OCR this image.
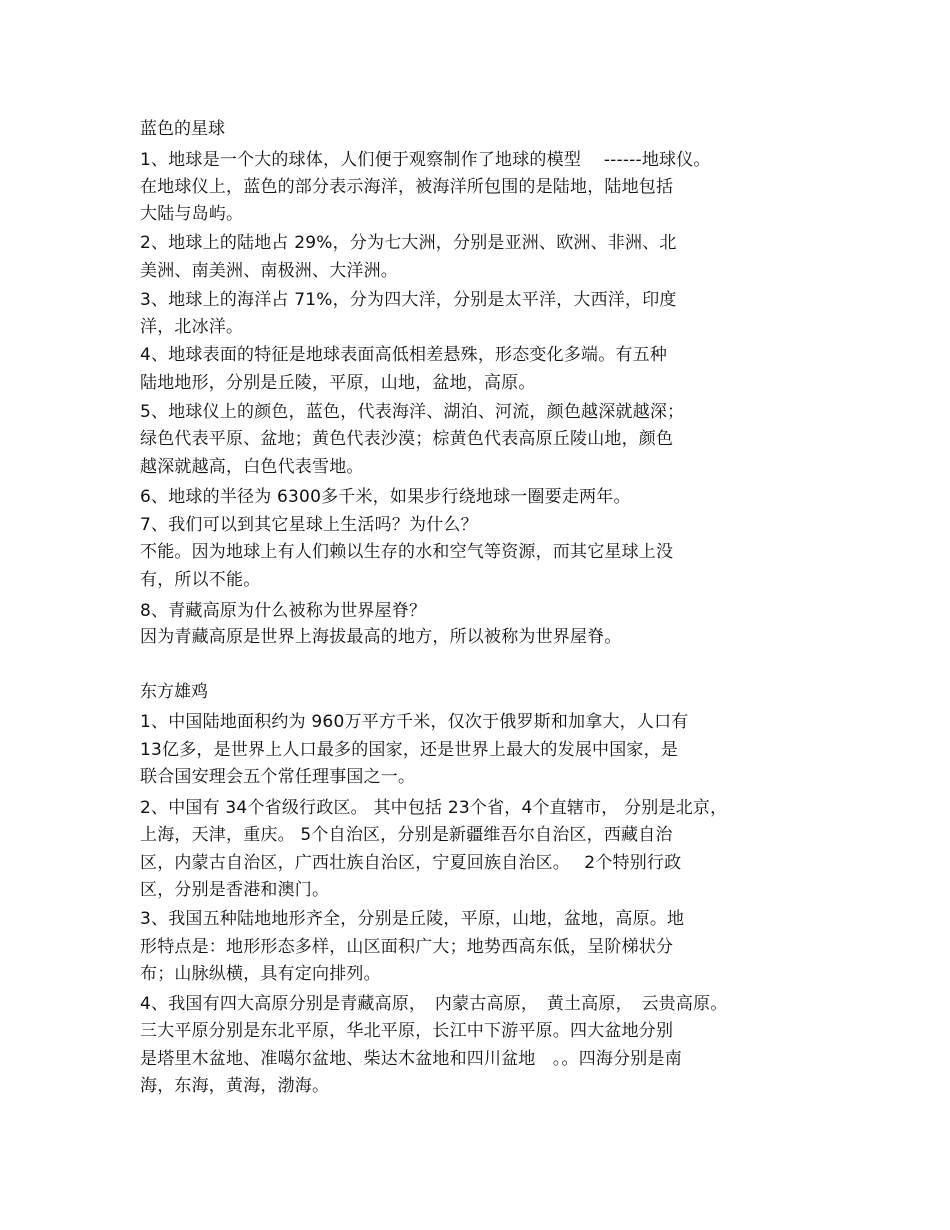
蓝色的星球
1、地球是一个大的球体，人们便于观察制作了地球的模型　 ------地球仪。
在地球仪上，蓝色的部分表示海洋，被海洋所包围的是陆地，陆地包括
大陆与岛屿。
2、地球上的陆地占 29%，分为七大洲，分别是亚洲、欧洲、非洲、北
美洲、南美洲、南极洲、大洋洲。
3、地球上的海洋占 71%，分为四大洋，分别是太平洋，大西洋，印度
洋，北冰洋。
4、地球表面的特征是地球表面高低相差悬殊，形态变化多端。有五种
陆地地形，分别是丘陵，平原，山地，盆地，高原。
5、地球仪上的颜色，蓝色，代表海洋、湖泊、河流，颜色越深就越深；
绿色代表平原、盆地；黄色代表沙漠；棕黄色代表高原丘陵山地，颜色
越深就越高，白色代表雪地。
6、地球的半径为 6300多千米，如果步行绕地球一圈要走两年。
7、我们可以到其它星球上生活吗？为什么？
不能。因为地球上有人们赖以生存的水和空气等资源，而其它星球上没
有，所以不能。
8、青藏高原为什么被称为世界屋脊？
因为青藏高原是世界上海拔最高的地方，所以被称为世界屋脊。
东方雄鸡
1、中国陆地面积约为 960万平方千米，仅次于俄罗斯和加拿大，人口有
13亿多，是世界上人口最多的国家，还是世界上最大的发展中国家，是
联合国安理会五个常任理事国之一。
2、中国有 34个省级行政区。 其中包括 23个省，4个直辖市， 分别是北京，
上海，天津，重庆。 5个自治区，分别是新疆维吾尔自治区，西藏自治
区，内蒙古自治区，广西壮族自治区，宁夏回族自治区。　 2个特别行政
区，分别是香港和澳门。
3、我国五种陆地地形齐全，分别是丘陵，平原，山地，盆地，高原。地
形特点是：地形形态多样，山区面积广大；地势西高东低，呈阶梯状分
布；山脉纵横，具有定向排列。
4、我国有四大高原分别是青藏高原，　内蒙古高原，　黄土高原，　云贵高原。
三大平原分别是东北平原，华北平原，长江中下游平原。四大盆地分别
是塔里木盆地、准噶尔盆地、柴达木盆地和四川盆地　。。四海分别是南
海，东海，黄海，渤海。
